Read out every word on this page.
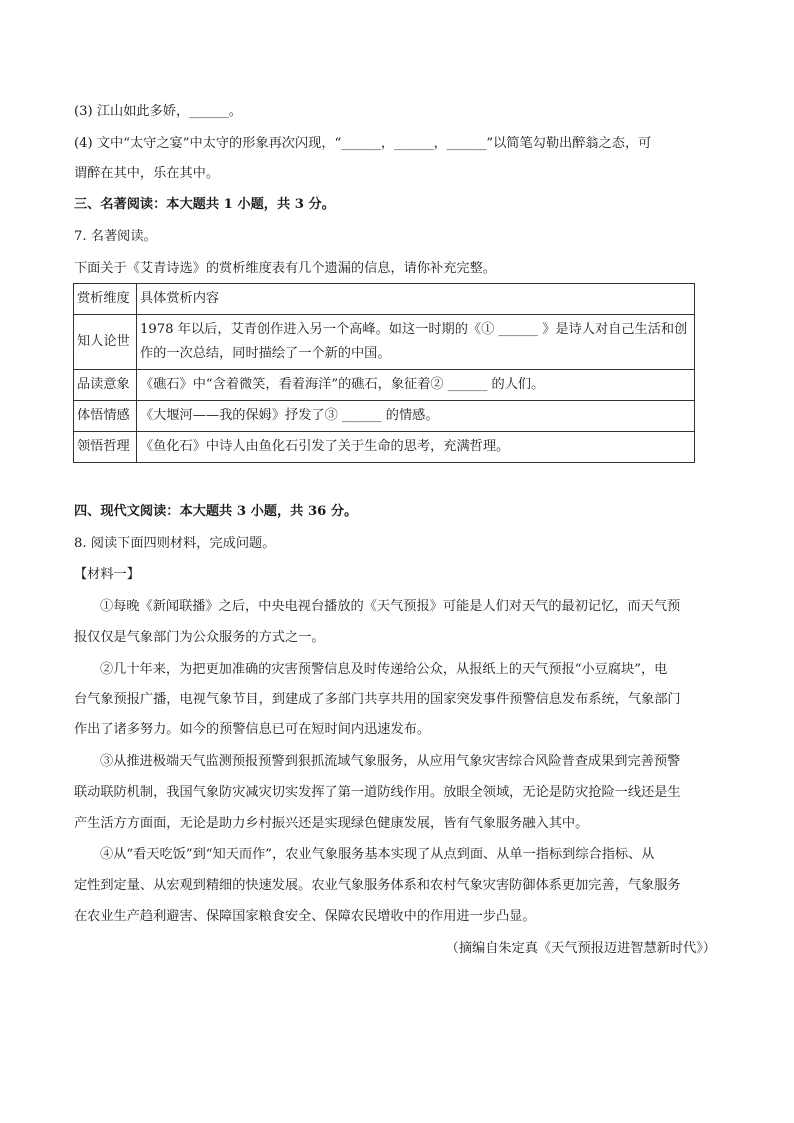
(3) 江山如此多娇，______。
(4) 文中“太守之宴”中太守的形象再次闪现，“______，______，______”以简笔勾勒出醉翁之态，可
谓醉在其中，乐在其中。
三、名著阅读：本大题共 1 小题，共 3 分。
7. 名著阅读。
下面关于《艾青诗选》的赏析维度表有几个遗漏的信息，请你补充完整。
赏析维度	具体赏析内容
知人论世	1978 年以后，艾青创作进入另一个高峰。如这一时期的《① ______ 》是诗人对自己生活和创作的一次总结，同时描绘了一个新的中国。
品读意象	《礁石》中“含着微笑，看着海洋”的礁石，象征着② ______ 的人们。
体悟情感	《大堰河——我的保姆》抒发了③ ______ 的情感。
领悟哲理	《鱼化石》中诗人由鱼化石引发了关于生命的思考，充满哲理。
四、现代文阅读：本大题共 3 小题，共 36 分。
8. 阅读下面四则材料，完成问题。
【材料一】
①每晚《新闻联播》之后，中央电视台播放的《天气预报》可能是人们对天气的最初记忆，而天气预
报仅仅是气象部门为公众服务的方式之一。
②几十年来，为把更加准确的灾害预警信息及时传递给公众，从报纸上的天气预报“小豆腐块”，电
台气象预报广播，电视气象节目，到建成了多部门共享共用的国家突发事件预警信息发布系统，气象部门
作出了诸多努力。如今的预警信息已可在短时间内迅速发布。
③从推进极端天气监测预报预警到狠抓流域气象服务，从应用气象灾害综合风险普查成果到完善预警
联动联防机制，我国气象防灾减灾切实发挥了第一道防线作用。放眼全领域，无论是防灾抢险一线还是生
产生活方方面面，无论是助力乡村振兴还是实现绿色健康发展，皆有气象服务融入其中。
④从“看天吃饭”到“知天而作”，农业气象服务基本实现了从点到面、从单一指标到综合指标、从
定性到定量、从宏观到精细的快速发展。农业气象服务体系和农村气象灾害防御体系更加完善，气象服务
在农业生产趋利避害、保障国家粮食安全、保障农民增收中的作用进一步凸显。
（摘编自朱定真《天气预报迈进智慧新时代》）
